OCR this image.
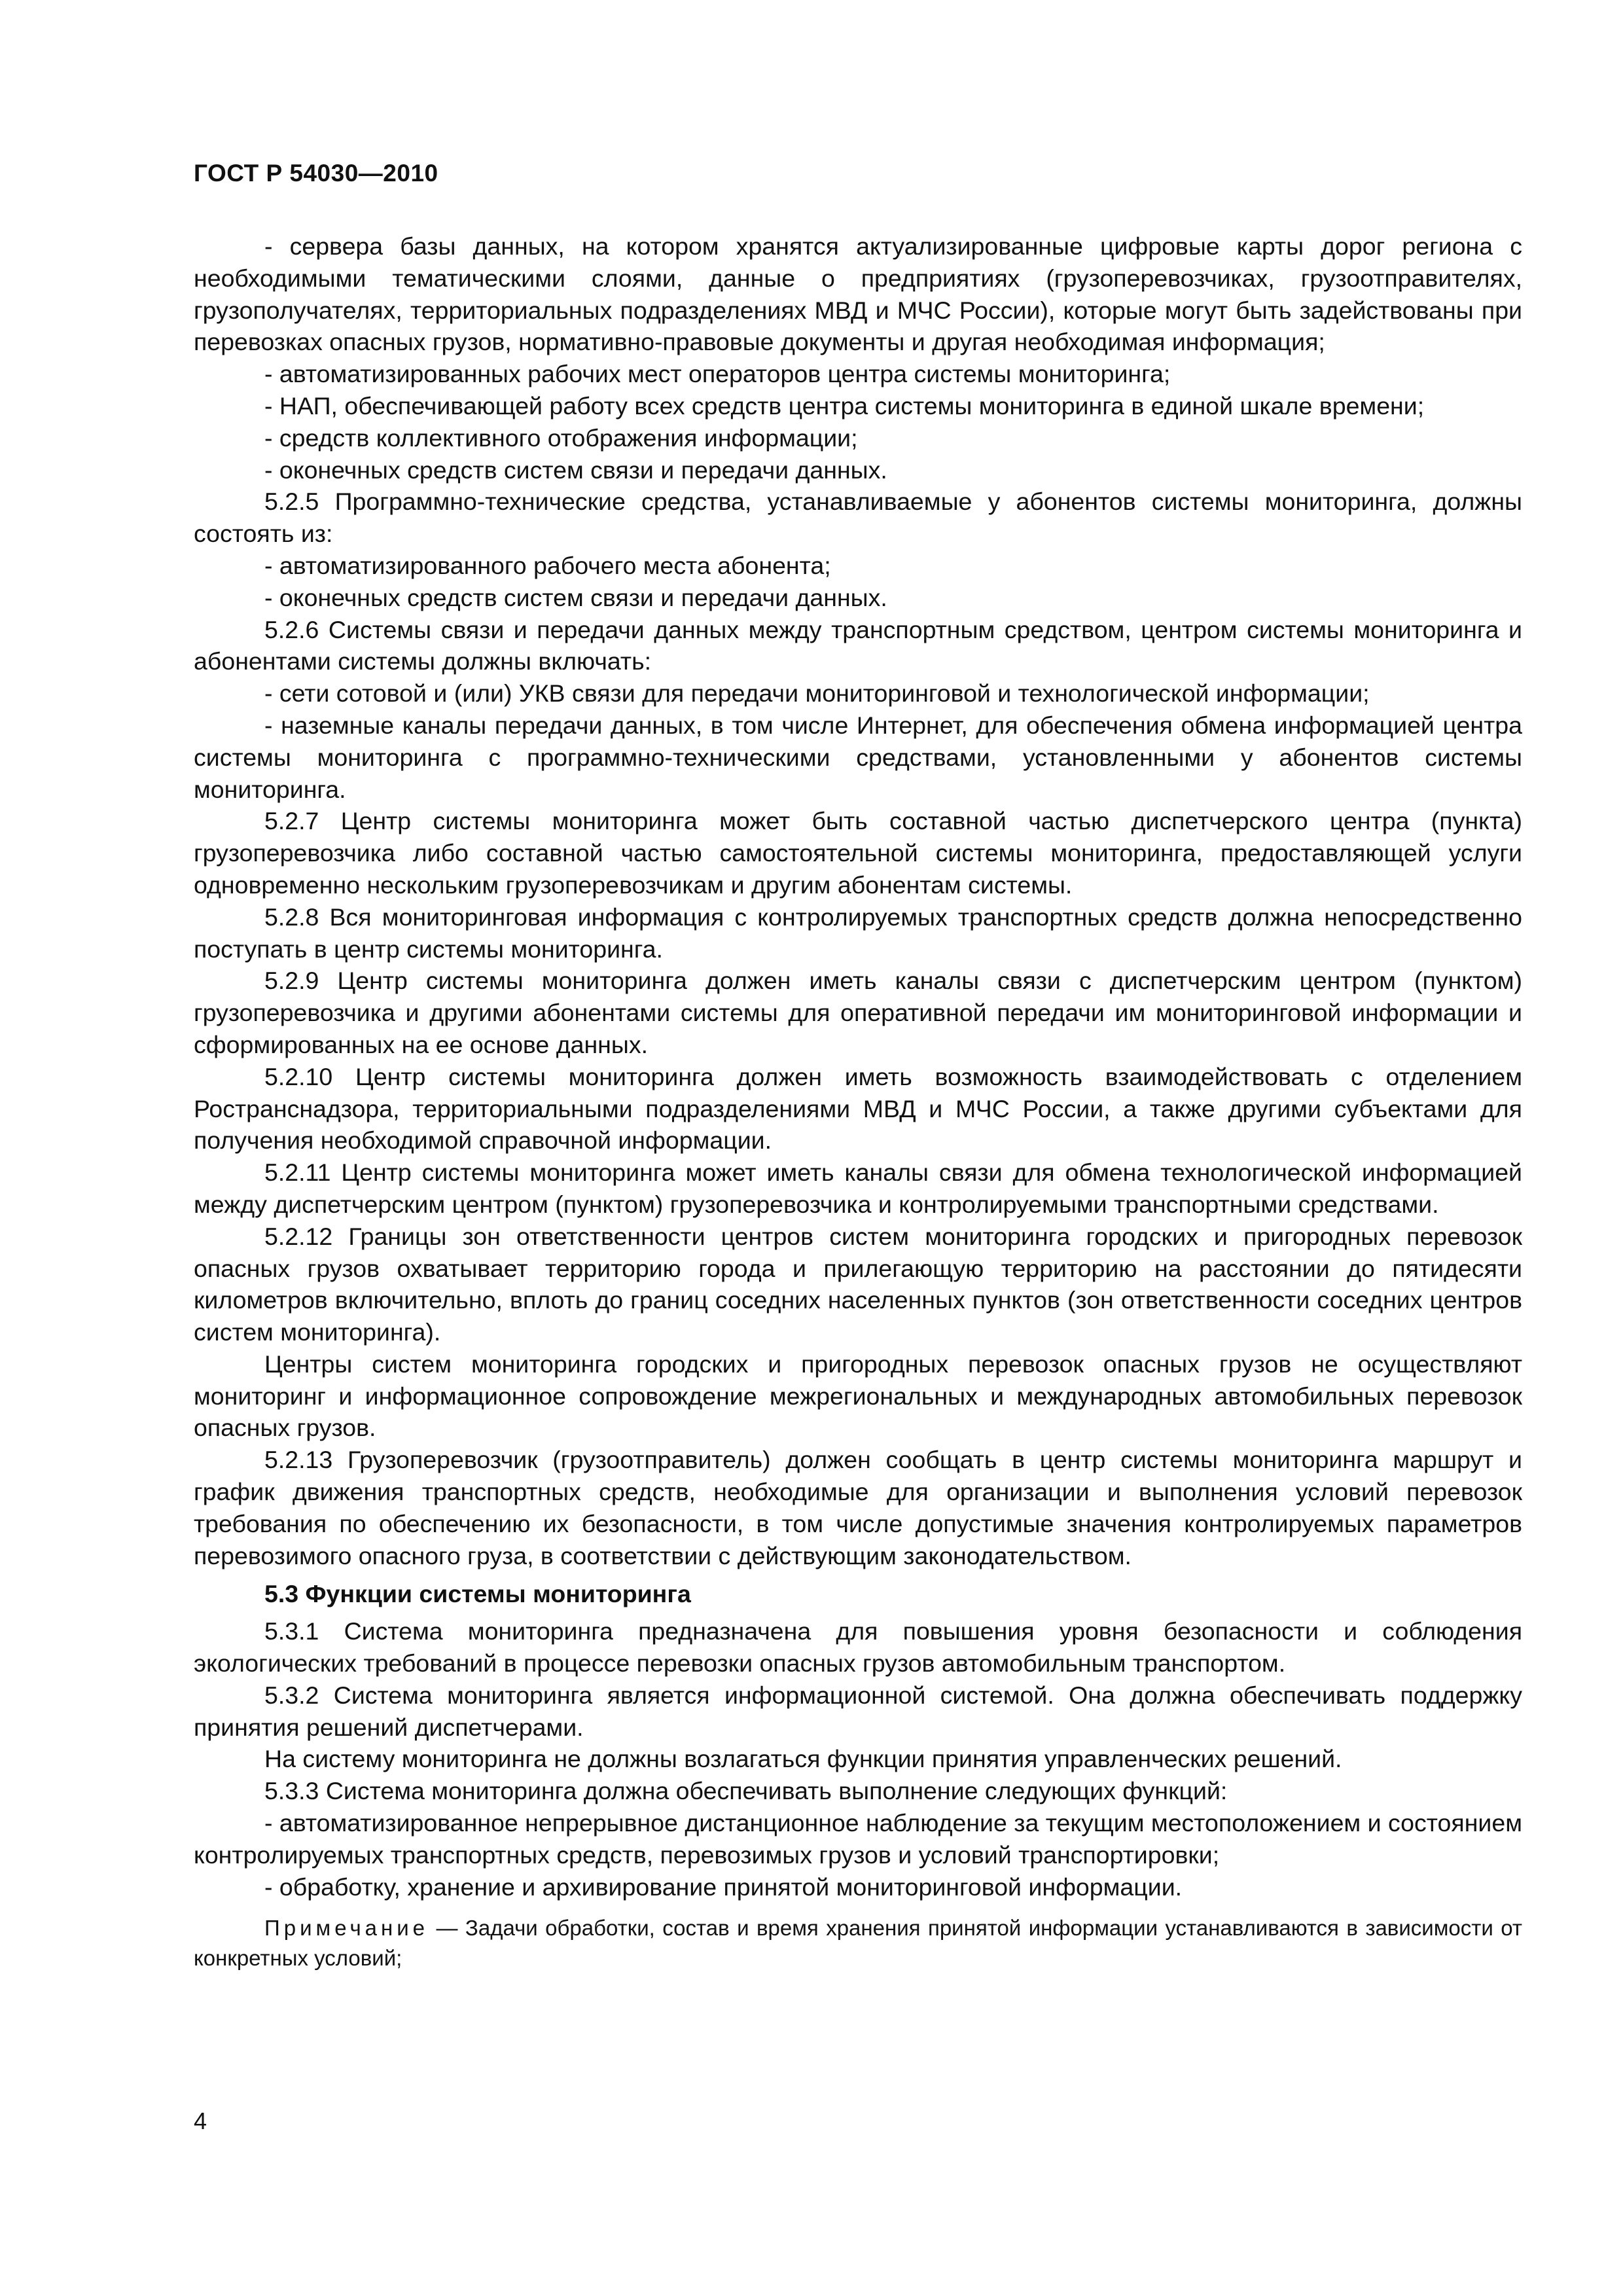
ГОСТ Р 54030—2010

- сервера базы данных, на котором хранятся актуализированные цифровые карты дорог региона с необходимыми тематическими слоями, данные о предприятиях (грузоперевозчиках, грузоотправителях, грузополучателях, территориальных подразделениях МВД и МЧС России), которые могут быть задействованы при перевозках опасных грузов, нормативно-правовые документы и другая необходимая информация;

- автоматизированных рабочих мест операторов центра системы мониторинга;

- НАП, обеспечивающей работу всех средств центра системы мониторинга в единой шкале времени;

- средств коллективного отображения информации;

- оконечных средств систем связи и передачи данных.

5.2.5 Программно-технические средства, устанавливаемые у абонентов системы мониторинга, должны состоять из:

- автоматизированного рабочего места абонента;

- оконечных средств систем связи и передачи данных.

5.2.6 Системы связи и передачи данных между транспортным средством, центром системы мониторинга и абонентами системы должны включать:

- сети сотовой и (или) УКВ связи для передачи мониторинговой и технологической информации;

- наземные каналы передачи данных, в том числе Интернет, для обеспечения обмена информацией центра системы мониторинга с программно-техническими средствами, установленными у абонентов системы мониторинга.

5.2.7 Центр системы мониторинга может быть составной частью диспетчерского центра (пункта) грузоперевозчика либо составной частью самостоятельной системы мониторинга, предоставляющей услуги одновременно нескольким грузоперевозчикам и другим абонентам системы.

5.2.8 Вся мониторинговая информация с контролируемых транспортных средств должна непосредственно поступать в центр системы мониторинга.

5.2.9 Центр системы мониторинга должен иметь каналы связи с диспетчерским центром (пунктом) грузоперевозчика и другими абонентами системы для оперативной передачи им мониторинговой информации и сформированных на ее основе данных.

5.2.10 Центр системы мониторинга должен иметь возможность взаимодействовать с отделением Ространснадзора, территориальными подразделениями МВД и МЧС России, а также другими субъектами для получения необходимой справочной информации.

5.2.11 Центр системы мониторинга может иметь каналы связи для обмена технологической информацией между диспетчерским центром (пунктом) грузоперевозчика и контролируемыми транспортными средствами.

5.2.12 Границы зон ответственности центров систем мониторинга городских и пригородных перевозок опасных грузов охватывает территорию города и прилегающую территорию на расстоянии до пятидесяти километров включительно, вплоть до границ соседних населенных пунктов (зон ответственности соседних центров систем мониторинга).

Центры систем мониторинга городских и пригородных перевозок опасных грузов не осуществляют мониторинг и информационное сопровождение межрегиональных и международных автомобильных перевозок опасных грузов.

5.2.13 Грузоперевозчик (грузоотправитель) должен сообщать в центр системы мониторинга маршрут и график движения транспортных средств, необходимые для организации и выполнения условий перевозок требования по обеспечению их безопасности, в том числе допустимые значения контролируемых параметров перевозимого опасного груза, в соответствии с действующим законодательством.

5.3 Функции системы мониторинга

5.3.1 Система мониторинга предназначена для повышения уровня безопасности и соблюдения экологических требований в процессе перевозки опасных грузов автомобильным транспортом.

5.3.2 Система мониторинга является информационной системой. Она должна обеспечивать поддержку принятия решений диспетчерами.

На систему мониторинга не должны возлагаться функции принятия управленческих решений.

5.3.3 Система мониторинга должна обеспечивать выполнение следующих функций:

- автоматизированное непрерывное дистанционное наблюдение за текущим местоположением и состоянием контролируемых транспортных средств, перевозимых грузов и условий транспортировки;

- обработку, хранение и архивирование принятой мониторинговой информации.

Примечание — Задачи обработки, состав и время хранения принятой информации устанавливаются в зависимости от конкретных условий;

4
